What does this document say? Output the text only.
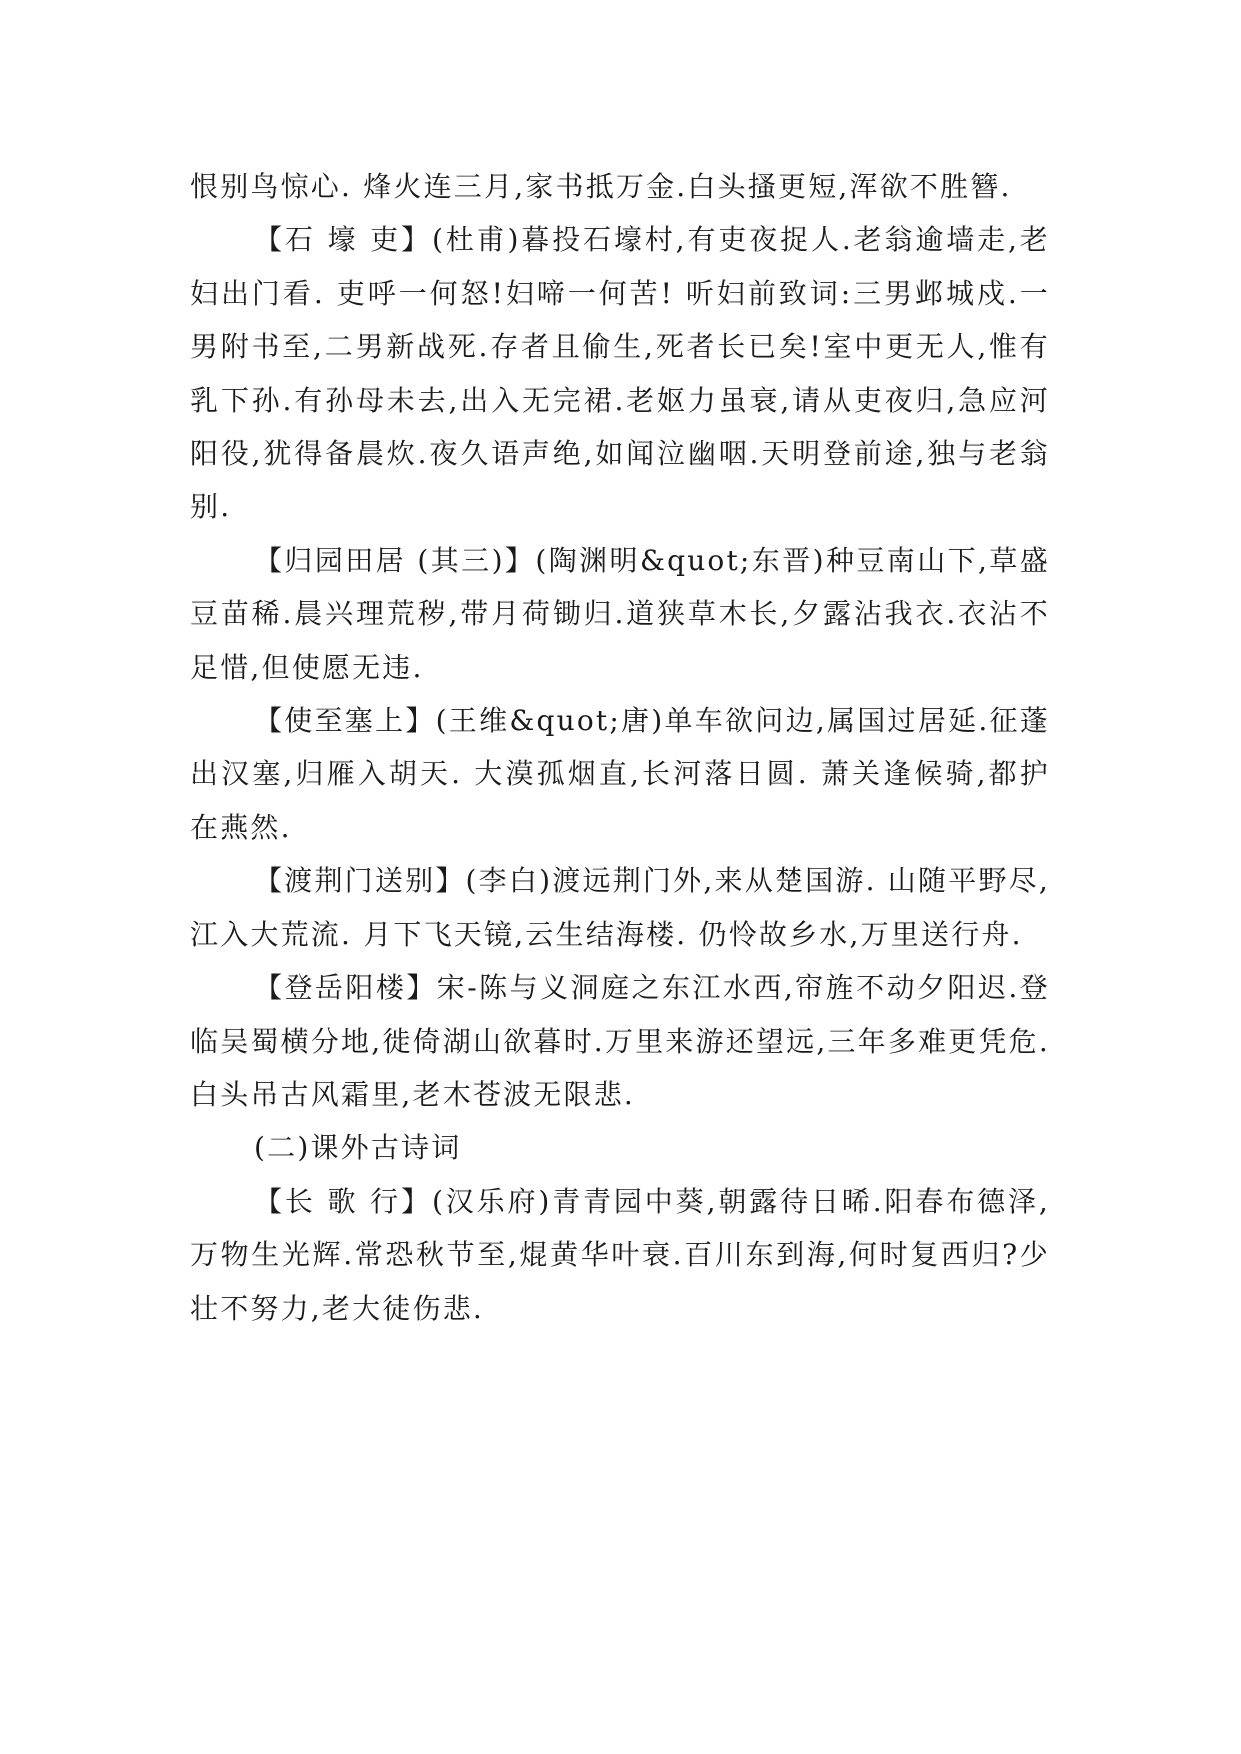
恨别鸟惊心. 烽火连三月,家书抵万金.白头搔更短,浑欲不胜簪.

【石 壕 吏】(杜甫)暮投石壕村,有吏夜捉人.老翁逾墙走,老妇出门看. 吏呼一何怒!妇啼一何苦! 听妇前致词:三男邺城戍.一男附书至,二男新战死.存者且偷生,死者长已矣!室中更无人,惟有乳下孙.有孙母未去,出入无完裙.老妪力虽衰,请从吏夜归,急应河阳役,犹得备晨炊.夜久语声绝,如闻泣幽咽.天明登前途,独与老翁别.

【归园田居 (其三)】(陶渊明&quot;东晋)种豆南山下,草盛豆苗稀.晨兴理荒秽,带月荷锄归.道狭草木长,夕露沾我衣.衣沾不足惜,但使愿无违.

【使至塞上】(王维&quot;唐)单车欲问边,属国过居延.征蓬出汉塞,归雁入胡天. 大漠孤烟直,长河落日圆. 萧关逢候骑,都护在燕然.

【渡荆门送别】(李白)渡远荆门外,来从楚国游. 山随平野尽,江入大荒流. 月下飞天镜,云生结海楼. 仍怜故乡水,万里送行舟.

【登岳阳楼】宋-陈与义洞庭之东江水西,帘旌不动夕阳迟.登临吴蜀横分地,徙倚湖山欲暮时.万里来游还望远,三年多难更凭危.白头吊古风霜里,老木苍波无限悲.

(二)课外古诗词

【长 歌 行】(汉乐府)青青园中葵,朝露待日晞.阳春布德泽,万物生光辉.常恐秋节至,焜黄华叶衰.百川东到海,何时复西归?少壮不努力,老大徒伤悲.
